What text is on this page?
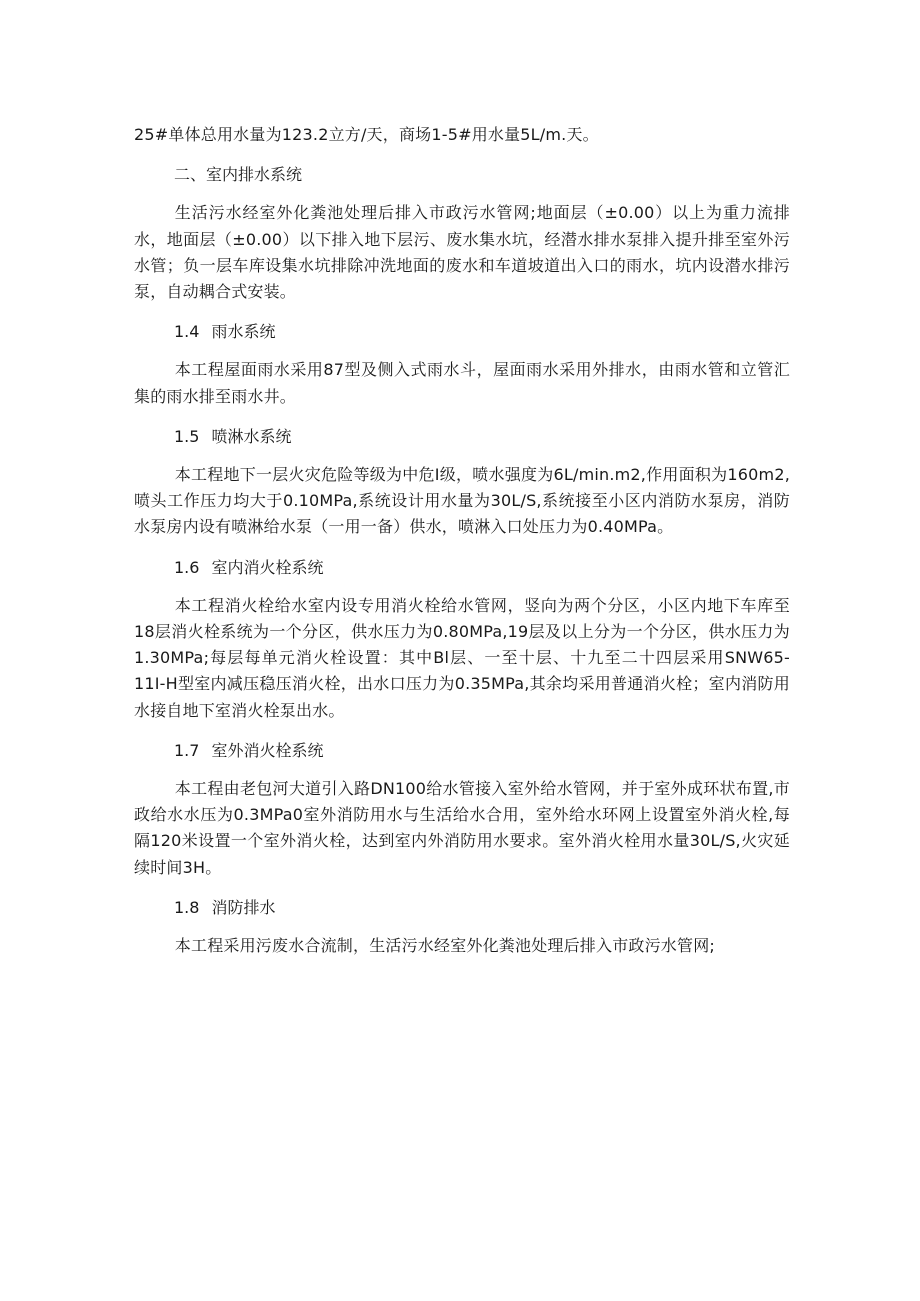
25#单体总用水量为123.2立方/天，商场1-5#用水量5L/m.天。

二、室内排水系统

生活污水经室外化粪池处理后排入市政污水管网;地面层（±0.00）以上为重力流排水，地面层（±0.00）以下排入地下层污、废水集水坑，经潜水排水泵排入提升排至室外污水管；负一层车库设集水坑排除冲洗地面的废水和车道坡道出入口的雨水，坑内设潜水排污泵，自动耦合式安装。

1.4 雨水系统

本工程屋面雨水采用87型及侧入式雨水斗，屋面雨水采用外排水，由雨水管和立管汇集的雨水排至雨水井。

1.5 喷淋水系统

本工程地下一层火灾危险等级为中危Ⅰ级，喷水强度为6L/min.m2,作用面积为160m2,喷头工作压力均大于0.10MPa,系统设计用水量为30L/S,系统接至小区内消防水泵房，消防水泵房内设有喷淋给水泵（一用一备）供水，喷淋入口处压力为0.40MPa。

1.6 室内消火栓系统

本工程消火栓给水室内设专用消火栓给水管网，竖向为两个分区，小区内地下车库至18层消火栓系统为一个分区，供水压力为0.80MPa,19层及以上分为一个分区，供水压力为1.30MPa;每层每单元消火栓设置：其中Bl层、一至十层、十九至二十四层采用SNW65-11I-H型室内减压稳压消火栓，出水口压力为0.35MPa,其余均采用普通消火栓；室内消防用水接自地下室消火栓泵出水。

1.7 室外消火栓系统

本工程由老包河大道引入路DN100给水管接入室外给水管网，并于室外成环状布置,市政给水水压为0.3MPa0室外消防用水与生活给水合用，室外给水环网上设置室外消火栓,每隔120米设置一个室外消火栓，达到室内外消防用水要求。室外消火栓用水量30L/S,火灾延续时间3H。

1.8 消防排水

本工程采用污废水合流制，生活污水经室外化粪池处理后排入市政污水管网;
